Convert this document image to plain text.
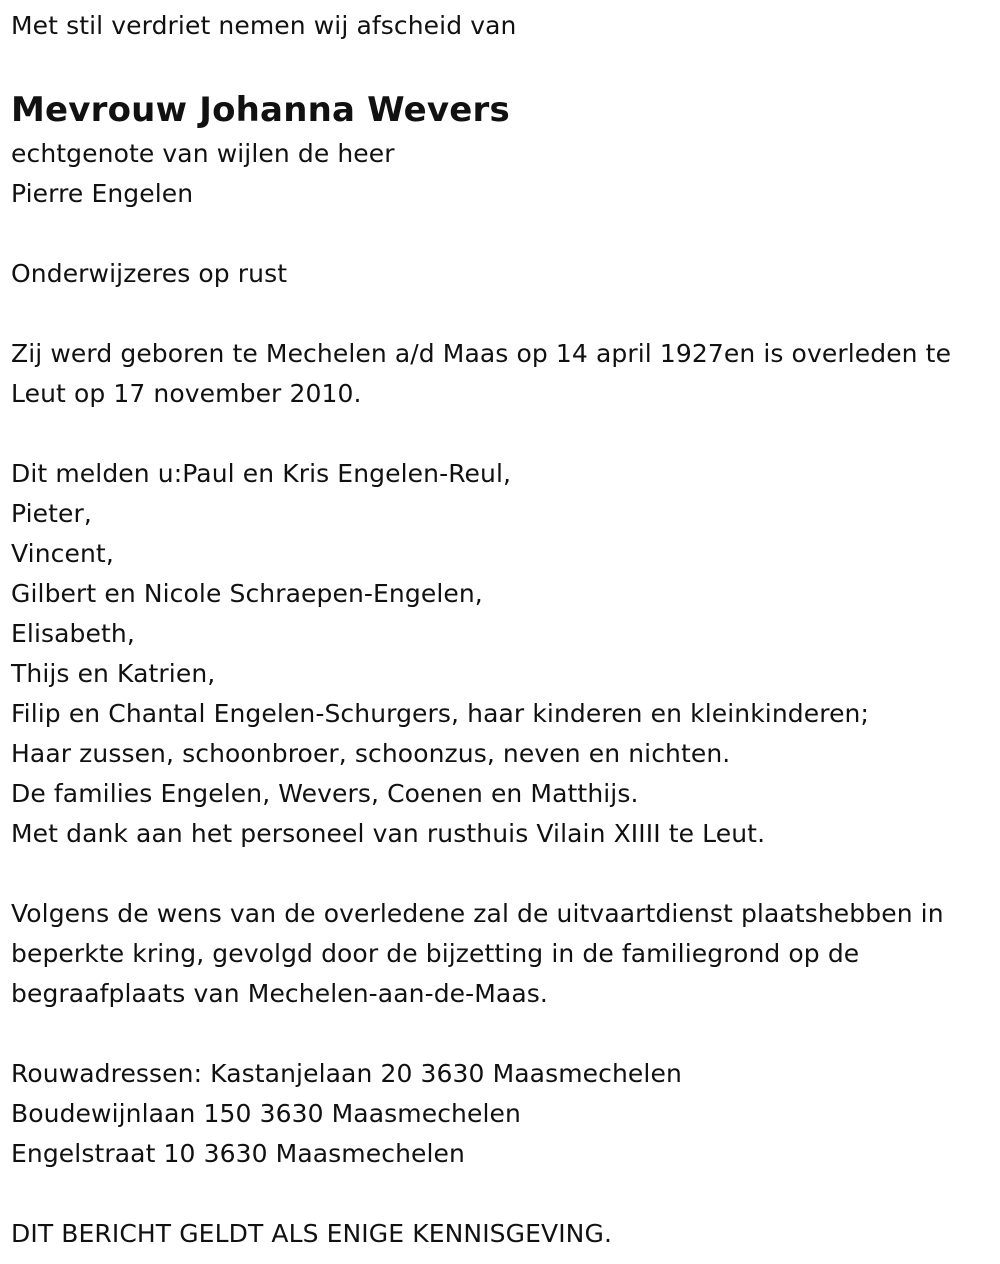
Met stil verdriet nemen wij afscheid van

Mevrouw Johanna Wevers

echtgenote van wijlen de heer

Pierre Engelen

Onderwijzeres op rust

Zij werd geboren te Mechelen a/d Maas op 14 april 1927en is overleden te

Leut op 17 november 2010.

Dit melden u:Paul en Kris Engelen-Reul,

Pieter,

Vincent,

Gilbert en Nicole Schraepen-Engelen,

Elisabeth,

Thijs en Katrien,

Filip en Chantal Engelen-Schurgers, haar kinderen en kleinkinderen;

Haar zussen, schoonbroer, schoonzus, neven en nichten.

De families Engelen, Wevers, Coenen en Matthijs.

Met dank aan het personeel van rusthuis Vilain XIIII te Leut.

Volgens de wens van de overledene zal de uitvaartdienst plaatshebben in

beperkte kring, gevolgd door de bijzetting in de familiegrond op de

begraafplaats van Mechelen-aan-de-Maas.

Rouwadressen: Kastanjelaan 20 3630 Maasmechelen

Boudewijnlaan 150 3630 Maasmechelen

Engelstraat 10 3630 Maasmechelen

DIT BERICHT GELDT ALS ENIGE KENNISGEVING.
